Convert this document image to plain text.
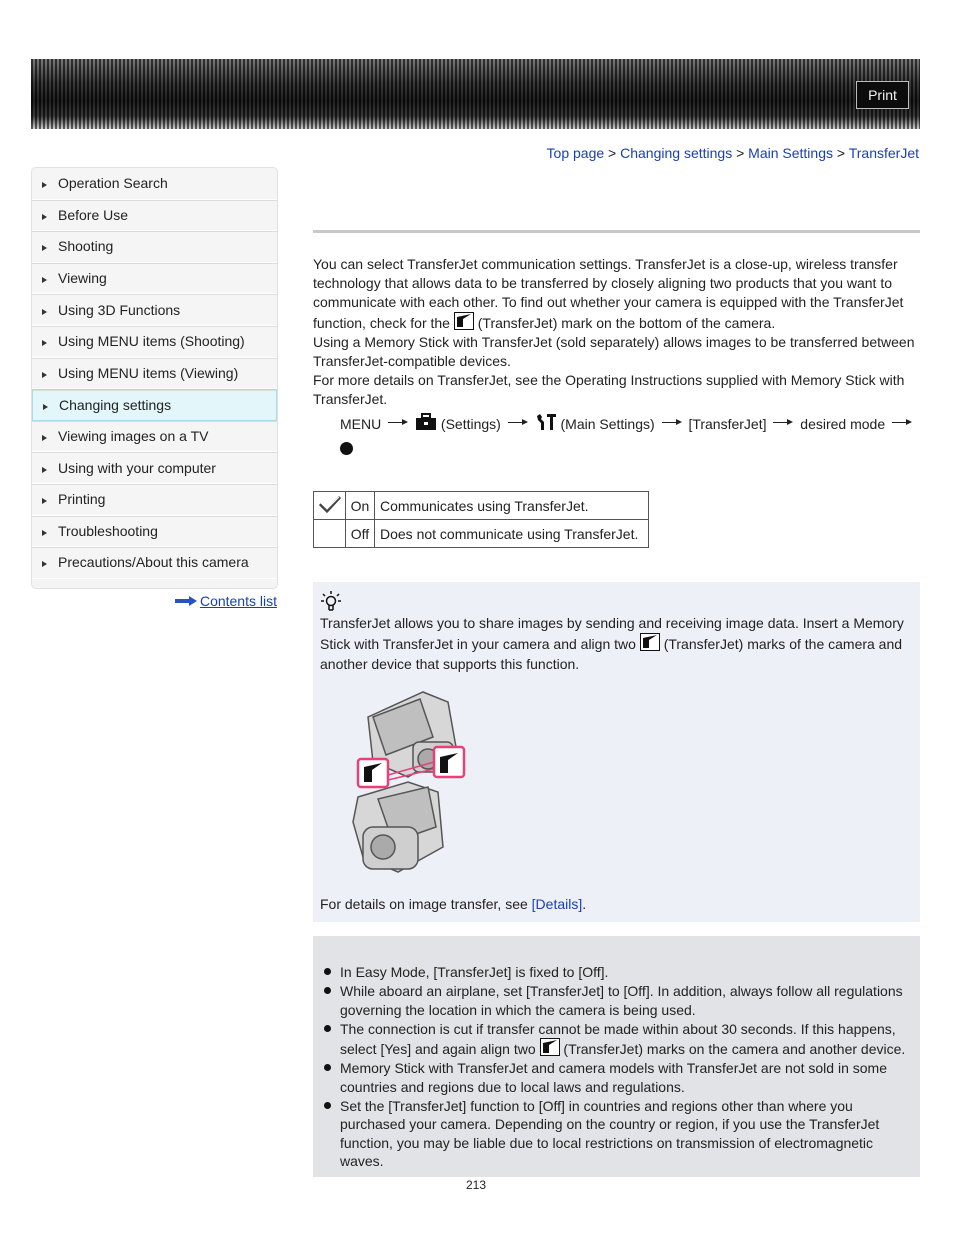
Print
Top page > Changing settings > Main Settings > TransferJet
Operation Search
Before Use
Shooting
Viewing
Using 3D Functions
Using MENU items (Shooting)
Using MENU items (Viewing)
Changing settings
Viewing images on a TV
Using with your computer
Printing
Troubleshooting
Precautions/About this camera
Contents list

You can select TransferJet communication settings. TransferJet is a close-up, wireless transfer technology that allows data to be transferred by closely aligning two products that you want to communicate with each other. To find out whether your camera is equipped with the TransferJet function, check for the (TransferJet) mark on the bottom of the camera.

Using a Memory Stick with TransferJet (sold separately) allows images to be transferred between TransferJet-compatible devices.

For more details on TransferJet, see the Operating Instructions supplied with Memory Stick with TransferJet.

MENU	(Settings)	(Main Settings) [TransferJet] desired mode

	On	Communicates using TransferJet.
	Off	Does not communicate using TransferJet.
TransferJet allows you to share images by sending and receiving image data. Insert a Memory Stick with TransferJet in your camera and align two (TransferJet) marks of the camera and another device that supports this function.
For details on image transfer, see [Details].
In Easy Mode, [TransferJet] is fixed to [Off].
While aboard an airplane, set [TransferJet] to [Off]. In addition, always follow all regulations governing the location in which the camera is being used.
The connection is cut if transfer cannot be made within about 30 seconds. If this happens, select [Yes] and again align two (TransferJet) marks on the camera and another device.
Memory Stick with TransferJet and camera models with TransferJet are not sold in some countries and regions due to local laws and regulations.
Set the [TransferJet] function to [Off] in countries and regions other than where you purchased your camera. Depending on the country or region, if you use the TransferJet function, you may be liable due to local restrictions on transmission of electromagnetic waves.
213
